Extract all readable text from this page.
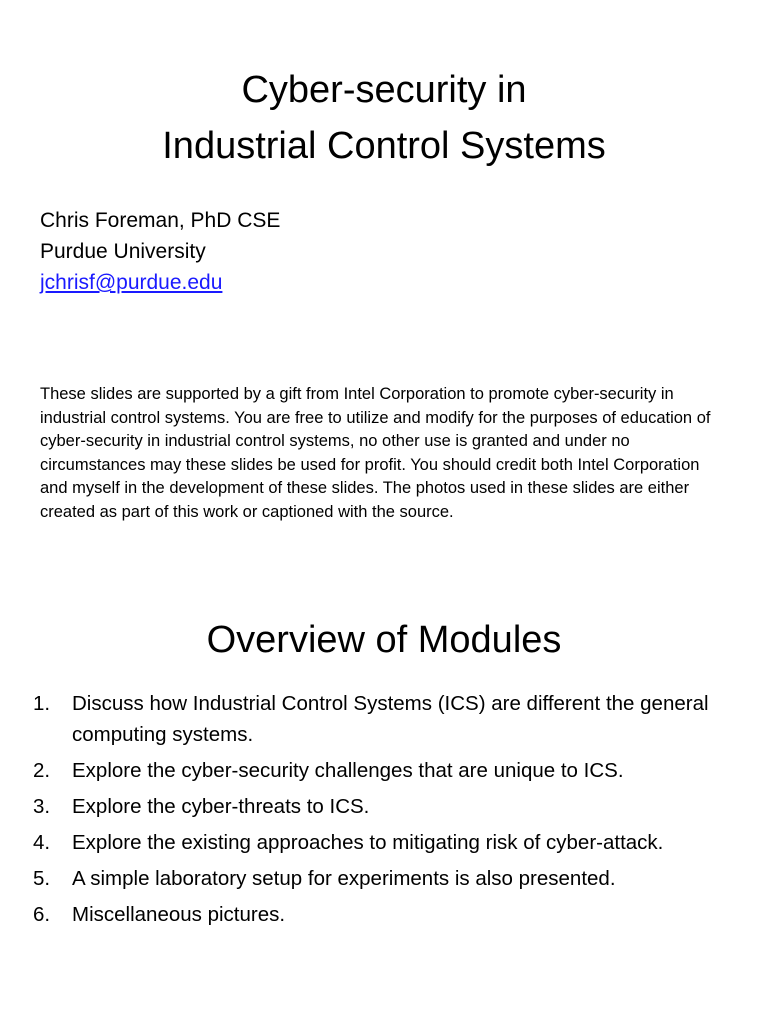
Cyber-security in
Industrial Control Systems
Chris Foreman, PhD CSE
Purdue University
jchrisf@purdue.edu
These slides are supported by a gift from Intel Corporation to promote cyber-security in industrial control systems. You are free to utilize and modify for the purposes of education of cyber-security in industrial control systems, no other use is granted and under no circumstances may these slides be used for profit. You should credit both Intel Corporation and myself in the development of these slides. The photos used in these slides are either created as part of this work or captioned with the source.
Overview of Modules
1. Discuss how Industrial Control Systems (ICS) are different the general computing systems.
2. Explore the cyber-security challenges that are unique to ICS.
3. Explore the cyber-threats to ICS.
4. Explore the existing approaches to mitigating risk of cyber-attack.
5. A simple laboratory setup for experiments is also presented.
6. Miscellaneous pictures.
